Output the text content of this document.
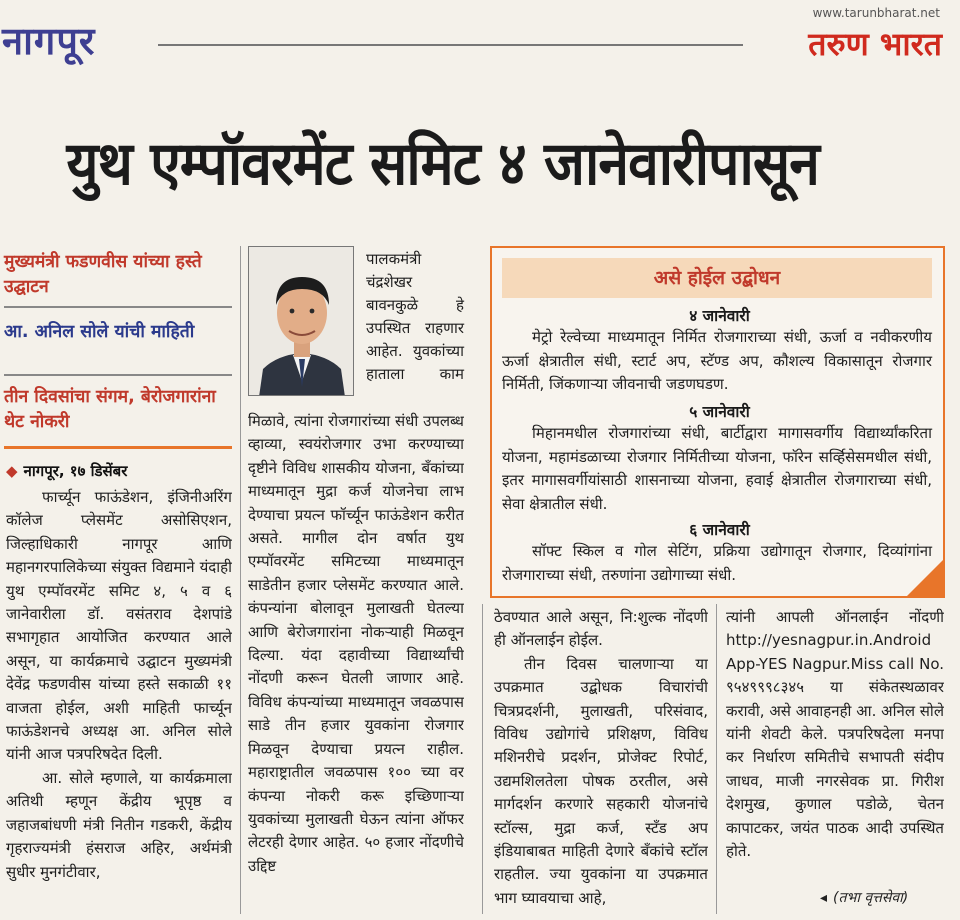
नागपूर
www.tarunbharat.net
तरुण भारत
युथ एम्पॉवरमेंट समिट ४ जानेवारीपासून
मुख्यमंत्री फडणवीस यांच्या हस्ते उद्घाटन
आ. अनिल सोले यांची माहिती
तीन दिवसांचा संगम, बेरोजगारांना थेट नोकरी
◆ नागपूर, १७ डिसेंबर

फार्च्यून फाऊंडेशन, इंजिनीअरिंग कॉलेज प्लेसमेंट असोसिएशन, जिल्हाधिकारी नागपूर आणि महानगरपालिकेच्या संयुक्त विद्यमाने यंदाही युथ एम्पॉवरमेंट समिट ४, ५ व ६ जानेवारीला डॉ. वसंतराव देशपांडे सभागृहात आयोजित करण्यात आले असून, या कार्यक्रमाचे उद्घाटन मुख्यमंत्री देवेंद्र फडणवीस यांच्या हस्ते सकाळी ११ वाजता होईल, अशी माहिती फार्च्यून फाऊंडेशनचे अध्यक्ष आ. अनिल सोले यांनी आज पत्रपरिषदेत दिली.

आ. सोले म्हणाले, या कार्यक्रमाला अतिथी म्हणून केंद्रीय भूपृष्ठ व जहाजबांधणी मंत्री नितीन गडकरी, केंद्रीय गृहराज्यमंत्री हंसराज अहिर, अर्थमंत्री सुधीर मुनगंटीवार,

पालकमंत्री चंद्रशेखर बावनकुळे हे उपस्थित राहणार आहेत. युवकांच्या हाताला काम
मिळावे, त्यांना रोजगारांच्या संधी उपलब्ध व्हाव्या, स्वयंरोजगार उभा करण्याच्या दृष्टीने विविध शासकीय योजना, बँकांच्या माध्यमातून मुद्रा कर्ज योजनेचा लाभ देण्याचा प्रयत्न फॉर्च्यून फाऊंडेशन करीत असते. मागील दोन वर्षात युथ एम्पॉवरमेंट समिटच्या माध्यमातून साडेतीन हजार प्लेसमेंट करण्यात आले. कंपन्यांना बोलावून मुलाखती घेतल्या आणि बेरोजगारांना नोकऱ्याही मिळवून दिल्या. यंदा दहावीच्या विद्यार्थ्यांची नोंदणी करून घेतली जाणार आहे. विविध कंपन्यांच्या माध्यमातून जवळपास साडे तीन हजार युवकांना रोजगार मिळवून देण्याचा प्रयत्न राहील. महाराष्ट्रातील जवळपास १०० च्या वर कंपन्या नोकरी करू इच्छिणाऱ्या युवकांच्या मुलाखती घेऊन त्यांना ऑफर लेटरही देणार आहेत. ५० हजार नोंदणीचे उद्दिष्ट
असे होईल उद्बोधन
४ जानेवारी
मेट्रो रेल्वेच्या माध्यमातून निर्मित रोजगाराच्या संधी, ऊर्जा व नवीकरणीय ऊर्जा क्षेत्रातील संधी, स्टार्ट अप, स्टॅण्ड अप, कौशल्य विकासातून रोजगार निर्मिती, जिंकणाऱ्या जीवनाची जडणघडण.
५ जानेवारी
मिहानमधील रोजगारांच्या संधी, बार्टीद्वारा मागासवर्गीय विद्यार्थ्यांकरिता योजना, महामंडळाच्या रोजगार निर्मितीच्या योजना, फॉरेन सर्व्हिसेसमधील संधी, इतर मागासवर्गीयांसाठी शासनाच्या योजना, हवाई क्षेत्रातील रोजगाराच्या संधी, सेवा क्षेत्रातील संधी.
६ जानेवारी
सॉफ्ट स्किल व गोल सेटिंग, प्रक्रिया उद्योगातून रोजगार, दिव्यांगांना रोजगाराच्या संधी, तरुणांना उद्योगाच्या संधी.

ठेवण्यात आले असून, नि:शुल्क नोंदणी ही ऑनलाईन होईल.

तीन दिवस चालणाऱ्या या उपक्रमात उद्बोधक विचारांची चित्रप्रदर्शनी, मुलाखती, परिसंवाद, विविध उद्योगांचे प्रशिक्षण, विविध मशिनरीचे प्रदर्शन, प्रोजेक्ट रिपोर्ट, उद्यमशिलतेला पोषक ठरतील, असे मार्गदर्शन करणारे सहकारी योजनांचे स्टॉल्स, मुद्रा कर्ज, स्टॅंड अप इंडियाबाबत माहिती देणारे बँकांचे स्टॉल राहतील. ज्या युवकांना या उपक्रमात भाग घ्यावयाचा आहे,

त्यांनी आपली ऑनलाईन नोंदणी http://yesnagpur.in.Android App-YES Nagpur.Miss call No. ९५४९९९८३४५ या संकेतस्थळावर करावी, असे आवाहनही आ. अनिल सोले यांनी शेवटी केले. पत्रपरिषदेला मनपा कर निर्धारण समितीचे सभापती संदीप जाधव, माजी नगरसेवक प्रा. गिरीश देशमुख, कुणाल पडोळे, चेतन कापाटकर, जयंत पाठक आदी उपस्थित होते.
◂ (तभा वृत्तसेवा)
